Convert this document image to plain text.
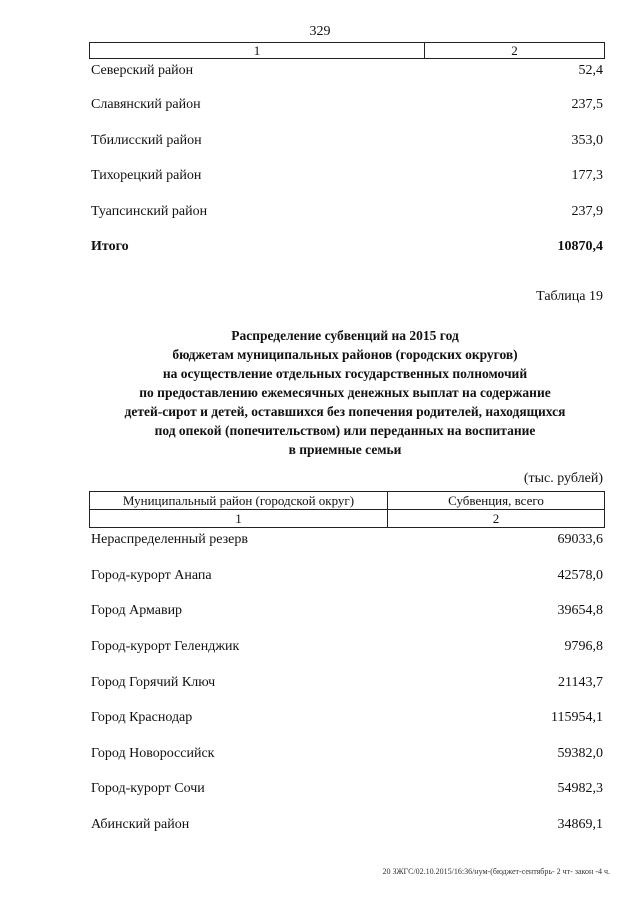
329
1	2
Северский район	52,4
Славянский район	237,5
Тбилисский район	353,0
Тихорецкий район	177,3
Туапсинский район	237,9
Итого	10870,4
Таблица 19
Распределение субвенций на 2015 год
бюджетам муниципальных районов (городских округов)
на осуществление отдельных государственных полномочий
по предоставлению ежемесячных денежных выплат на содержание
детей-сирот и детей, оставшихся без попечения родителей, находящихся
под опекой (попечительством) или переданных на воспитание
в приемные семьи
(тыс. рублей)
Муниципальный район (городской округ)	Субвенция, всего
1	2
Нераспределенный резерв	69033,6
Город-курорт Анапа	42578,0
Город Армавир	39654,8
Город-курорт Геленджик	9796,8
Город Горячий Ключ	21143,7
Город Краснодар	115954,1
Город Новороссийск	59382,0
Город-курорт Сочи	54982,3
Абинский район	34869,1
20 ЗЖГС/02.10.2015/16:36/нум-(бюджет-сентябрь- 2 чт- закон -4 ч.
